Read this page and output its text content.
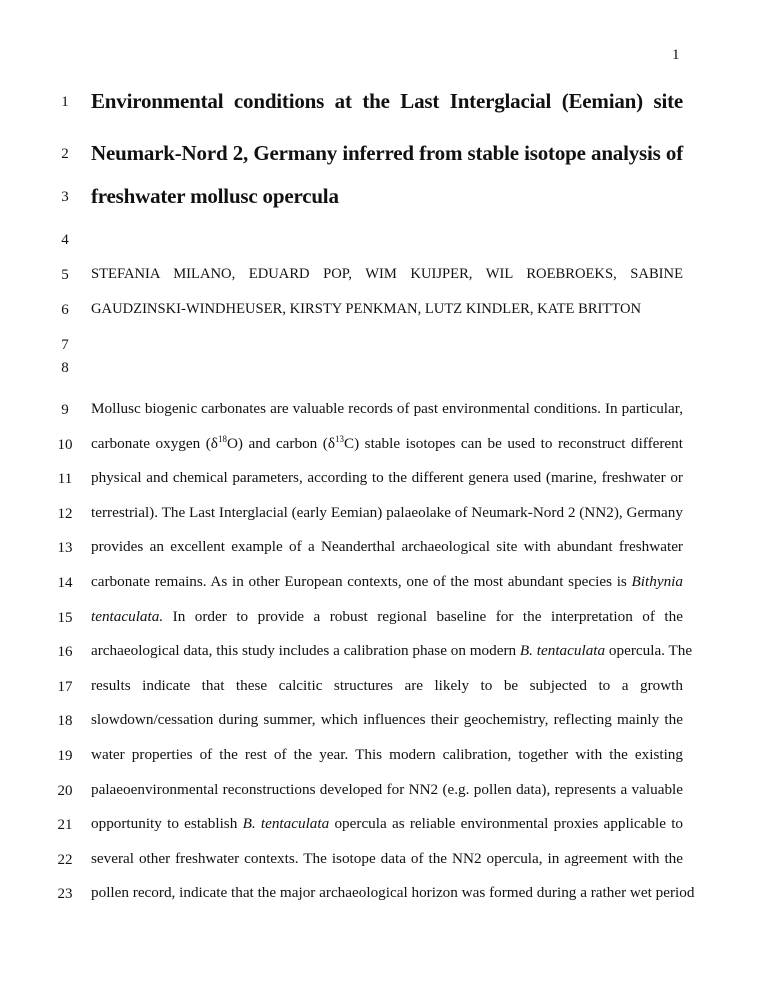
1
1 Environmental conditions at the Last Interglacial (Eemian) site
2 Neumark-Nord 2, Germany inferred from stable isotope analysis of
3 freshwater mollusc opercula
4
5 STEFANIA MILANO, EDUARD POP, WIM KUIJPER, WIL ROEBROEKS, SABINE
6 GAUDZINSKI-WINDHEUSER, KIRSTY PENKMAN, LUTZ KINDLER, KATE BRITTON
7
8
9 Mollusc biogenic carbonates are valuable records of past environmental conditions. In particular,
10 carbonate oxygen $(\delta^{18}O)$ and carbon $(\delta^{13}C)$ stable isotopes can be used to reconstruct different
11 physical and chemical parameters, according to the different genera used (marine, freshwater or
12 terrestrial). The Last Interglacial (early Eemian) palaeolake of Neumark-Nord 2 (NN2), Germany
13 provides an excellent example of a Neanderthal archaeological site with abundant freshwater
14 carbonate remains. As in other European contexts, one of the most abundant species is Bithynia
15 tentaculata. In order to provide a robust regional baseline for the interpretation of the
16 archaeological data, this study includes a calibration phase on modern B. tentaculata opercula. The
17 results indicate that these calcitic structures are likely to be subjected to a growth
18 slowdown/cessation during summer, which influences their geochemistry, reflecting mainly the
19 water properties of the rest of the year. This modern calibration, together with the existing
20 palaeoenvironmental reconstructions developed for NN2 (e.g. pollen data), represents a valuable
21 opportunity to establish B. tentaculata opercula as reliable environmental proxies applicable to
22 several other freshwater contexts. The isotope data of the NN2 opercula, in agreement with the
23 pollen record, indicate that the major archaeological horizon was formed during a rather wet period
